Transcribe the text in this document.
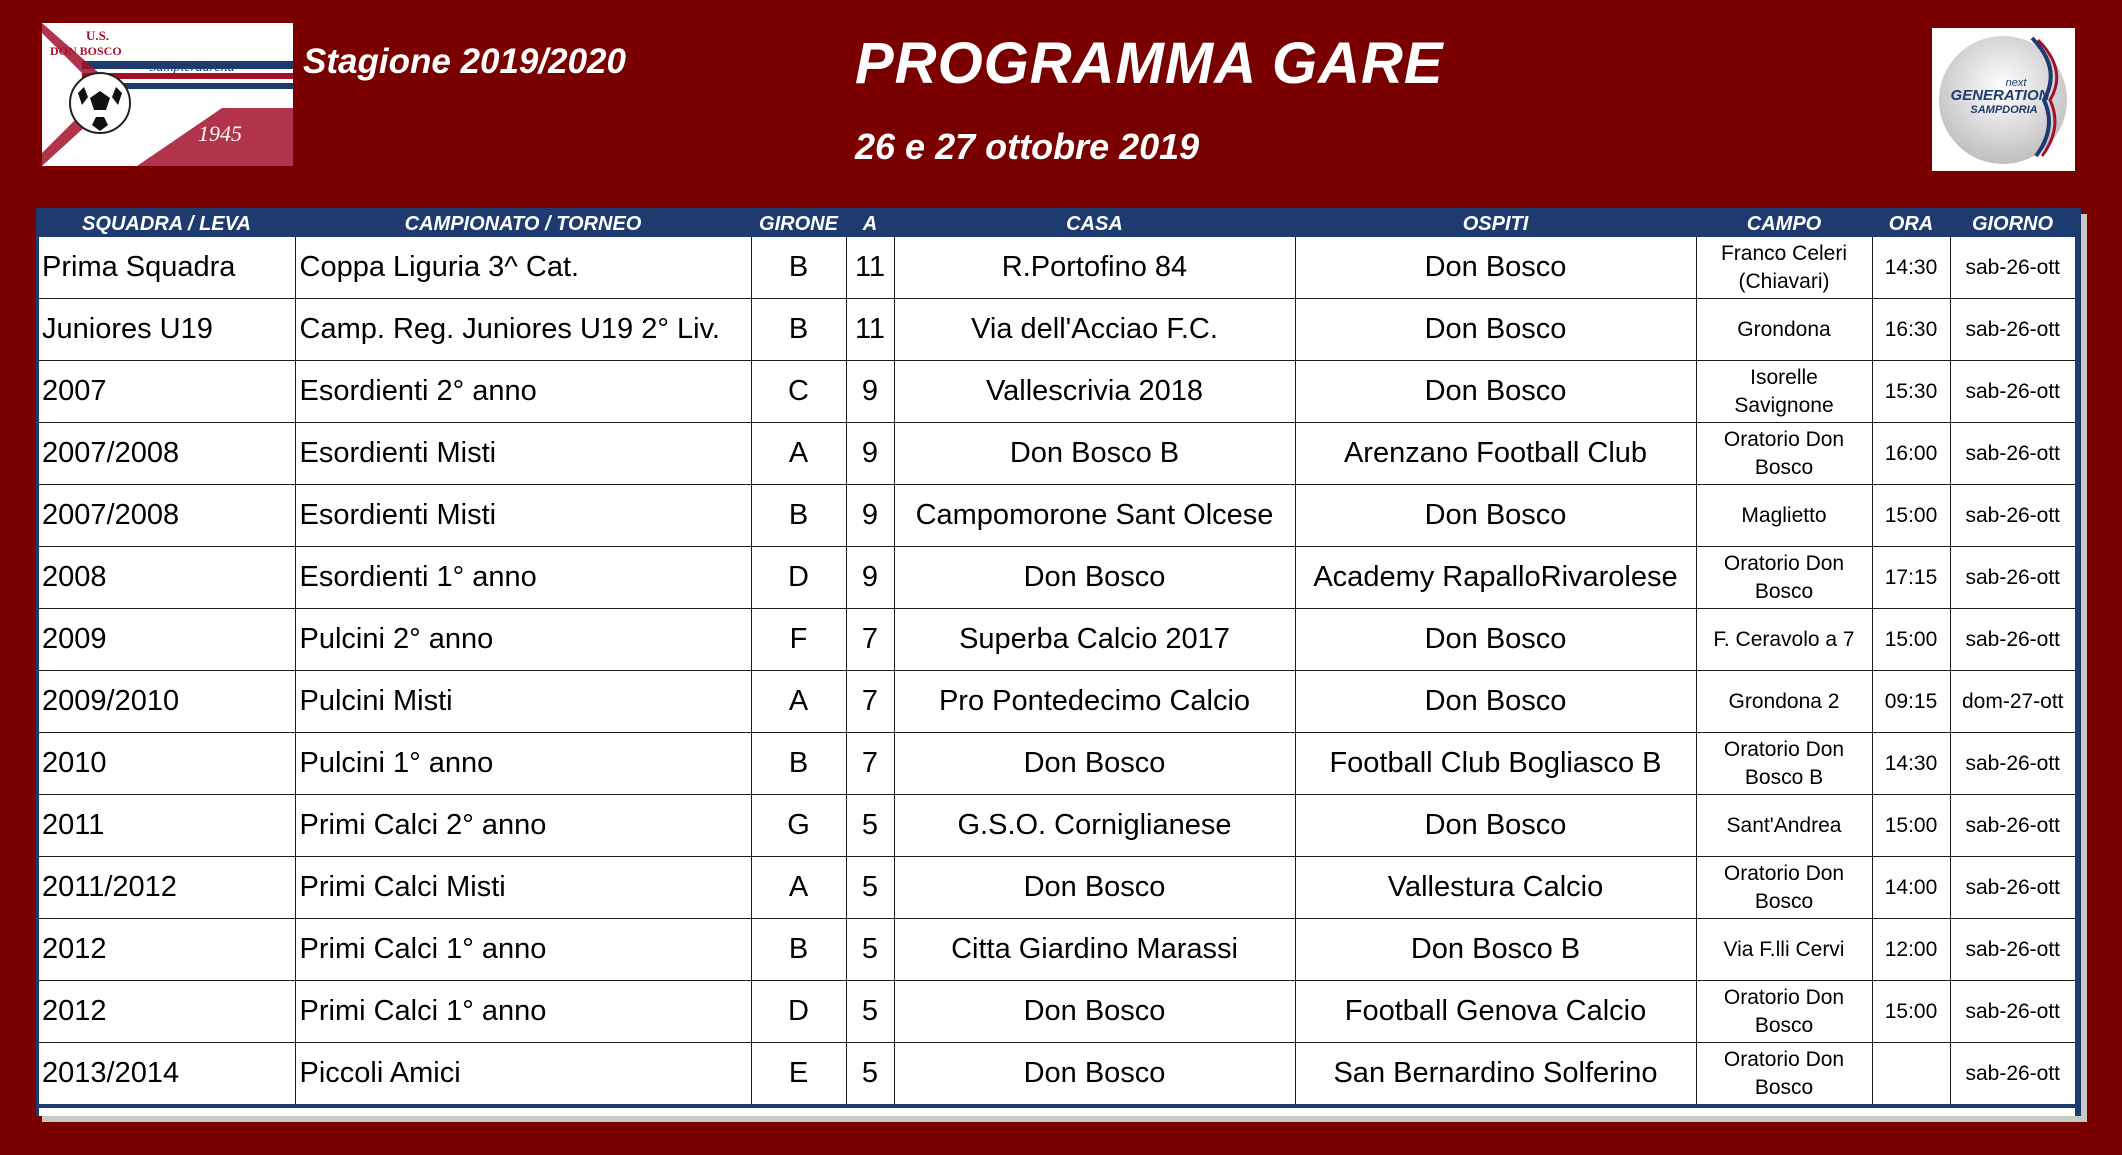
U.S.
DON BOSCO
Sampierdarena
1945
Stagione 2019/2020	PROGRAMMA GARE
26 e 27 ottobre 2019
next
GENERATION
SAMPDORIA
SQUADRA / LEVA	CAMPIONATO / TORNEO	GIRONE	A	CASA	OSPITI	CAMPO	ORA	GIORNO
Prima Squadra	Coppa Liguria 3^ Cat.	B	11	R.Portofino 84	Don Bosco	Franco Celeri (Chiavari)	14:30	sab-26-ott
Juniores U19	Camp. Reg. Juniores U19 2° Liv.	B	11	Via dell'Acciao F.C.	Don Bosco	Grondona	16:30	sab-26-ott
2007	Esordienti 2° anno	C	9	Vallescrivia 2018	Don Bosco	Isorelle Savignone	15:30	sab-26-ott
2007/2008	Esordienti Misti	A	9	Don Bosco B	Arenzano Football Club	Oratorio Don Bosco	16:00	sab-26-ott
2007/2008	Esordienti Misti	B	9	Campomorone Sant Olcese	Don Bosco	Maglietto	15:00	sab-26-ott
2008	Esordienti 1° anno	D	9	Don Bosco	Academy RapalloRivarolese	Oratorio Don Bosco	17:15	sab-26-ott
2009	Pulcini 2° anno	F	7	Superba Calcio 2017	Don Bosco	F. Ceravolo a 7	15:00	sab-26-ott
2009/2010	Pulcini Misti	A	7	Pro Pontedecimo Calcio	Don Bosco	Grondona 2	09:15	dom-27-ott
2010	Pulcini 1° anno	B	7	Don Bosco	Football Club Bogliasco B	Oratorio Don Bosco B	14:30	sab-26-ott
2011	Primi Calci 2° anno	G	5	G.S.O. Corniglianese	Don Bosco	Sant'Andrea	15:00	sab-26-ott
2011/2012	Primi Calci Misti	A	5	Don Bosco	Vallestura Calcio	Oratorio Don Bosco	14:00	sab-26-ott
2012	Primi Calci 1° anno	B	5	Citta Giardino Marassi	Don Bosco B	Via F.lli Cervi	12:00	sab-26-ott
2012	Primi Calci 1° anno	D	5	Don Bosco	Football Genova Calcio	Oratorio Don Bosco	15:00	sab-26-ott
2013/2014	Piccoli Amici	E	5	Don Bosco	San Bernardino Solferino	Oratorio Don Bosco		sab-26-ott
